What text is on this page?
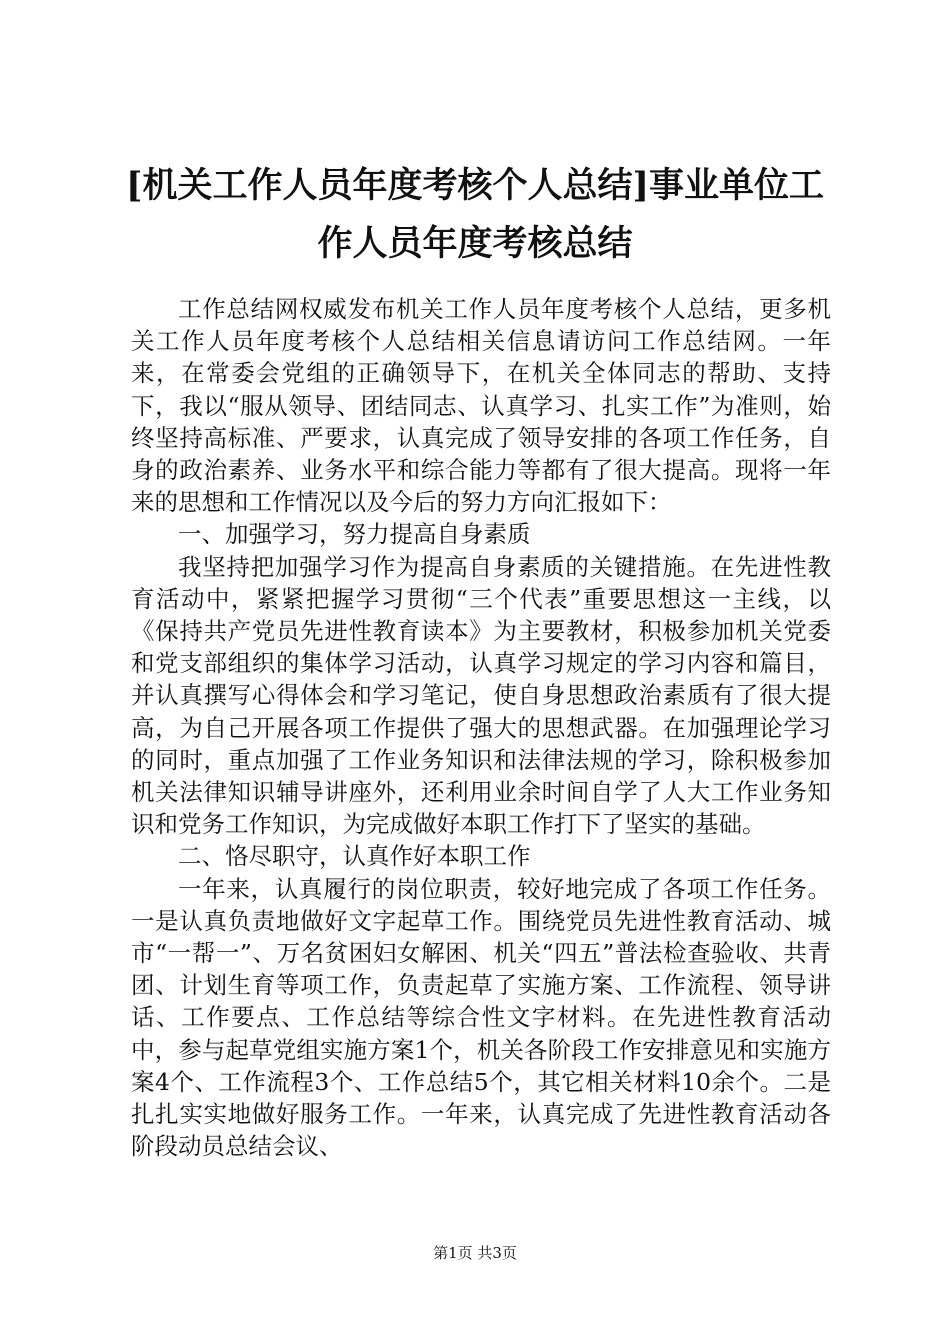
[机关工作人员年度考核个人总结]事业单位工
作人员年度考核总结

工作总结网权威发布机关工作人员年度考核个人总结，更多机关工作人员年度考核个人总结相关信息请访问工作总结网。一年来，在常委会党组的正确领导下，在机关全体同志的帮助、支持下，我以“服从领导、团结同志、认真学习、扎实工作”为准则，始终坚持高标准、严要求，认真完成了领导安排的各项工作任务，自身的政治素养、业务水平和综合能力等都有了很大提高。现将一年来的思想和工作情况以及今后的努力方向汇报如下：

一、加强学习，努力提高自身素质

我坚持把加强学习作为提高自身素质的关键措施。在先进性教育活动中，紧紧把握学习贯彻“三个代表”重要思想这一主线，以《保持共产党员先进性教育读本》为主要教材，积极参加机关党委和党支部组织的集体学习活动，认真学习规定的学习内容和篇目，并认真撰写心得体会和学习笔记，使自身思想政治素质有了很大提高，为自己开展各项工作提供了强大的思想武器。在加强理论学习的同时，重点加强了工作业务知识和法律法规的学习，除积极参加机关法律知识辅导讲座外，还利用业余时间自学了人大工作业务知识和党务工作知识，为完成做好本职工作打下了坚实的基础。

二、恪尽职守，认真作好本职工作

一年来，认真履行的岗位职责，较好地完成了各项工作任务。一是认真负责地做好文字起草工作。围绕党员先进性教育活动、城市“一帮一”、万名贫困妇女解困、机关“四五”普法检查验收、共青团、计划生育等项工作，负责起草了实施方案、工作流程、领导讲话、工作要点、工作总结等综合性文字材料。在先进性教育活动中，参与起草党组实施方案1个，机关各阶段工作安排意见和实施方案4个、工作流程3个、工作总结5个，其它相关材料10余个。二是扎扎实实地做好服务工作。一年来，认真完成了先进性教育活动各阶段动员总结会议、

第1页 共3页
